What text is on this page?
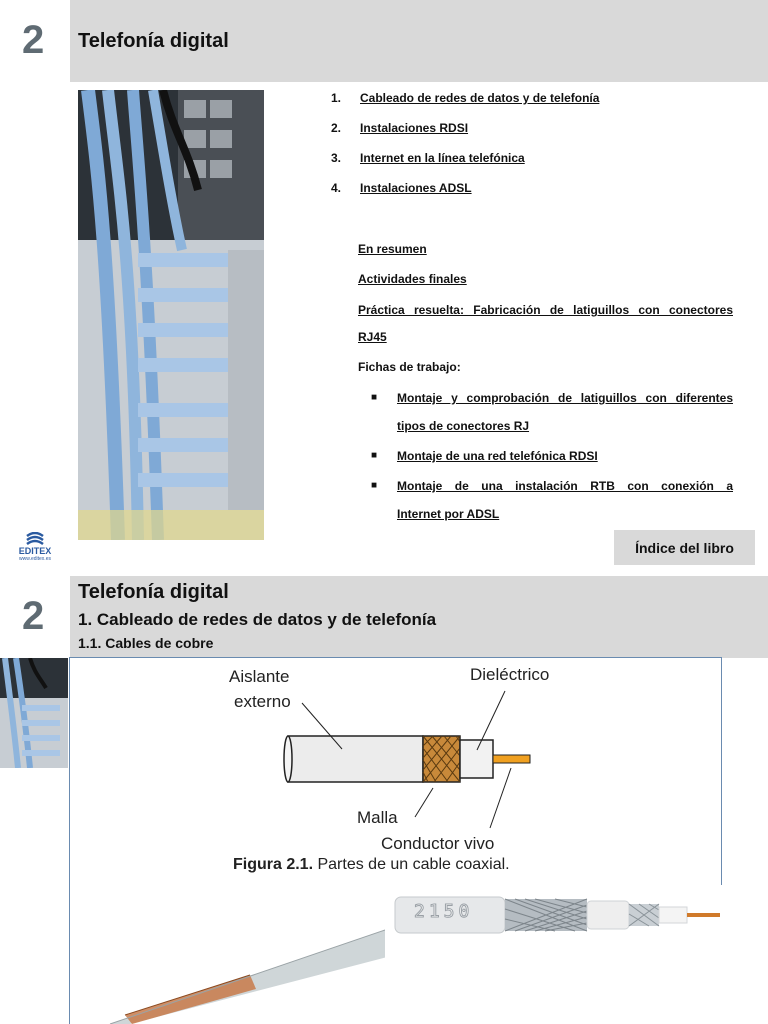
2 Telefonía digital
1. Cableado de redes de datos y de telefonía
2. Instalaciones RDSI
3. Internet en la línea telefónica
4. Instalaciones ADSL
En resumen
Actividades finales
Práctica resuelta: Fabricación de latiguillos con conectores
RJ45
Fichas de trabajo:
■ Montaje y comprobación de latiguillos con diferentes
tipos de conectores RJ
■ Montaje de una red telefónica RDSI
■ Montaje de una instalación RTB con conexión a
Internet por ADSL
EDITEX
www.editex.es
Índice del libro
2
Telefonía digital
1. Cableado de redes de datos y de telefonía
1.1. Cables de cobre
Aislante
externo
Dieléctrico
Malla
Conductor vivo
Figura 2.1. Partes de un cable coaxial.
2150
